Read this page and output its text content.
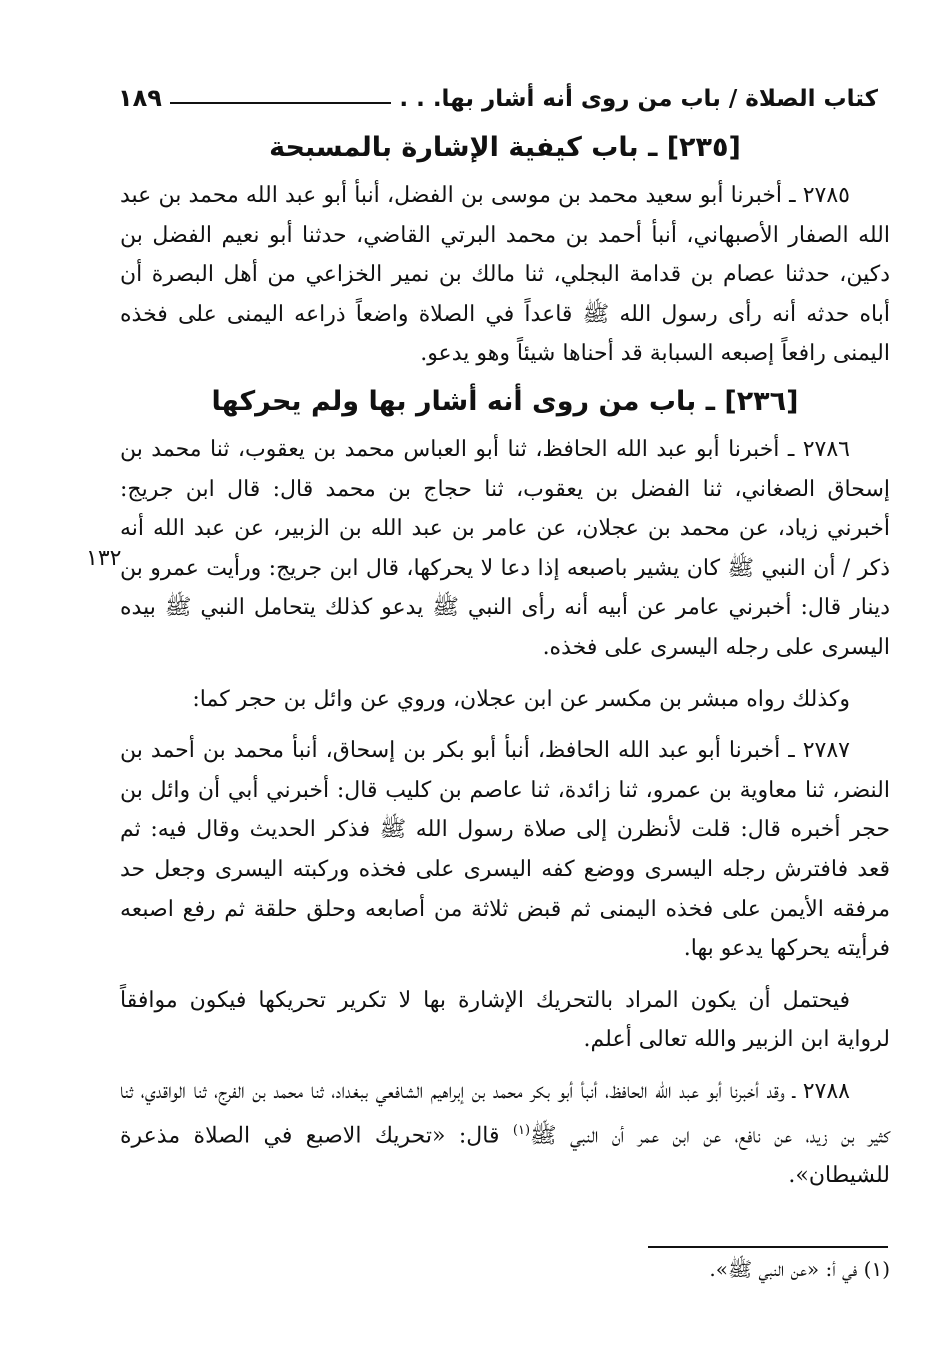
كتاب الصلاة / باب من روى أنه أشار بها. . .
١٨٩
[٢٣٥] ـ باب كيفية الإشارة بالمسبحة

٢٧٨٥ ـ أخبرنا أبو سعيد محمد بن موسى بن الفضل، أنبأ أبو عبد الله محمد بن عبد الله الصفار الأصبهاني، أنبأ أحمد بن محمد البرتي القاضي، حدثنا أبو نعيم الفضل بن دكين، حدثنا عصام بن قدامة البجلي، ثنا مالك بن نمير الخزاعي من أهل البصرة أن أباه حدثه أنه رأى رسول الله ﷺ قاعداً في الصلاة واضعاً ذراعه اليمنى على فخذه اليمنى رافعاً إصبعه السبابة قد أحناها شيئاً وهو يدعو.

[٢٣٦] ـ باب من روى أنه أشار بها ولم يحركها

٢٧٨٦ ـ أخبرنا أبو عبد الله الحافظ، ثنا أبو العباس محمد بن يعقوب، ثنا محمد بن إسحاق الصغاني، ثنا الفضل بن يعقوب، ثنا حجاج بن محمد قال: قال ابن جريج: أخبرني زياد، عن محمد بن عجلان، عن عامر بن عبد الله بن الزبير، عن عبد الله أنه ذكر / أن النبي ﷺ كان يشير باصبعه إذا دعا لا يحركها، قال ابن جريج: ورأيت عمرو بن دينار قال: أخبرني عامر عن أبيه أنه رأى النبي ﷺ يدعو كذلك يتحامل النبي ﷺ بيده اليسرى على رجله اليسرى على فخذه.

وكذلك رواه مبشر بن مكسر عن ابن عجلان، وروي عن وائل بن حجر كما:

٢٧٨٧ ـ أخبرنا أبو عبد الله الحافظ، أنبأ أبو بكر بن إسحاق، أنبأ محمد بن أحمد بن النضر، ثنا معاوية بن عمرو، ثنا زائدة، ثنا عاصم بن كليب قال: أخبرني أبي أن وائل بن حجر أخبره قال: قلت لأنظرن إلى صلاة رسول الله ﷺ فذكر الحديث وقال فيه: ثم قعد فافترش رجله اليسرى ووضع كفه اليسرى على فخذه وركبته اليسرى وجعل حد مرفقه الأيمن على فخذه اليمنى ثم قبض ثلاثة من أصابعه وحلق حلقة ثم رفع اصبعه فرأيته يحركها يدعو بها.

فيحتمل أن يكون المراد بالتحريك الإشارة بها لا تكرير تحريكها فيكون موافقاً لرواية ابن الزبير والله تعالى أعلم.

٢٧٨٨ ـ وقد أخبرنا أبو عبد الله الحافظ، أنبأ أبو بكر محمد بن إبراهيم الشافعي ببغداد، ثنا محمد بن الفرج، ثنا الواقدي، ثنا كثير بن زيد، عن نافع، عن ابن عمر أن النبي ﷺ$^{(١)}$ قال: «تحريك الاصبع في الصلاة مذعرة للشيطان».

١٣٢
(١) في أ: «عن النبي ﷺ».
